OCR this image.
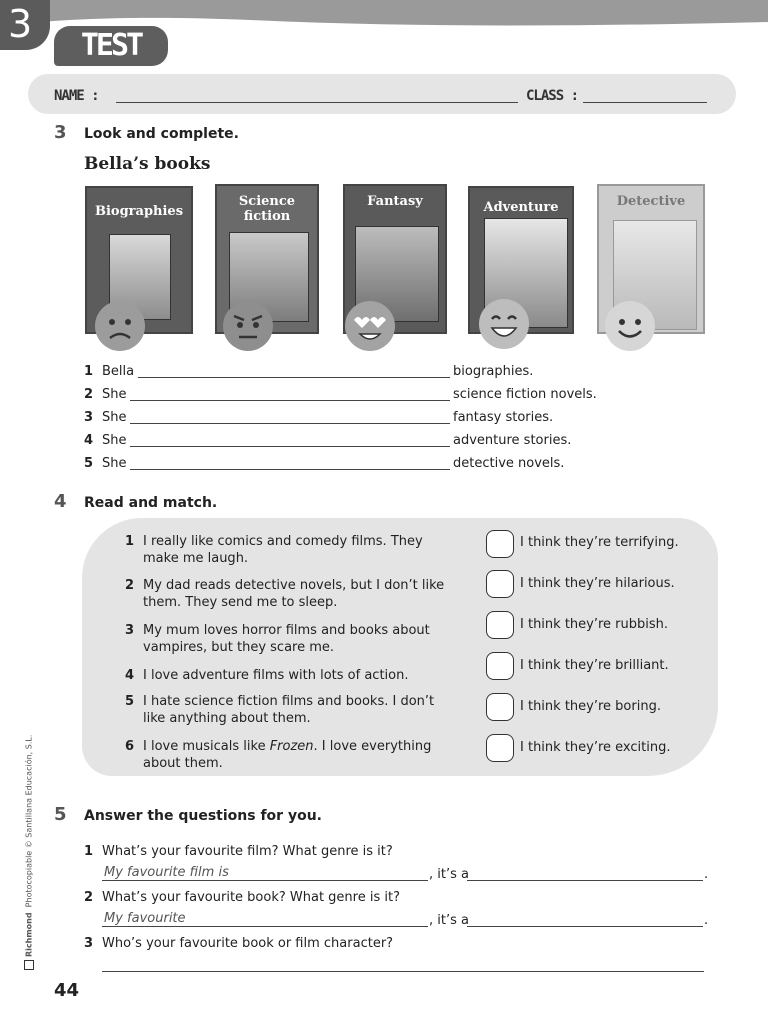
3	TEST
NAME :	CLASS :
3 Look and complete.
Bella’s books
Biographies
Science fiction
Fantasy	Adventure	Detective
1 Bella	biographies.
2 She	science fiction novels.
3 She	fantasy stories.
4 She	adventure stories.
5 She	detective novels.
4 Read and match.
1 I really like comics and comedy films. They
make me laugh.
2 My dad reads detective novels, but I don’t like
them. They send me to sleep.
3 My mum loves horror films and books about
vampires, but they scare me.
4 I love adventure films with lots of action.
5 I hate science fiction films and books. I don’t
like anything about them.
6 I love musicals like Frozen. I love everything
about them.
I think they’re terrifying.
I think they’re hilarious.
I think they’re rubbish.
I think they’re brilliant.
I think they’re boring.
I think they’re exciting.
5 Answer the questions for you.
1 What’s your favourite film? What genre is it?
My favourite film is	, it’s a	.
2 What’s your favourite book? What genre is it?
My favourite	, it’s a	.
3 Who’s your favourite book or film character?
Richmond  Photocopiable © Santillana Educación, S.L.
44
